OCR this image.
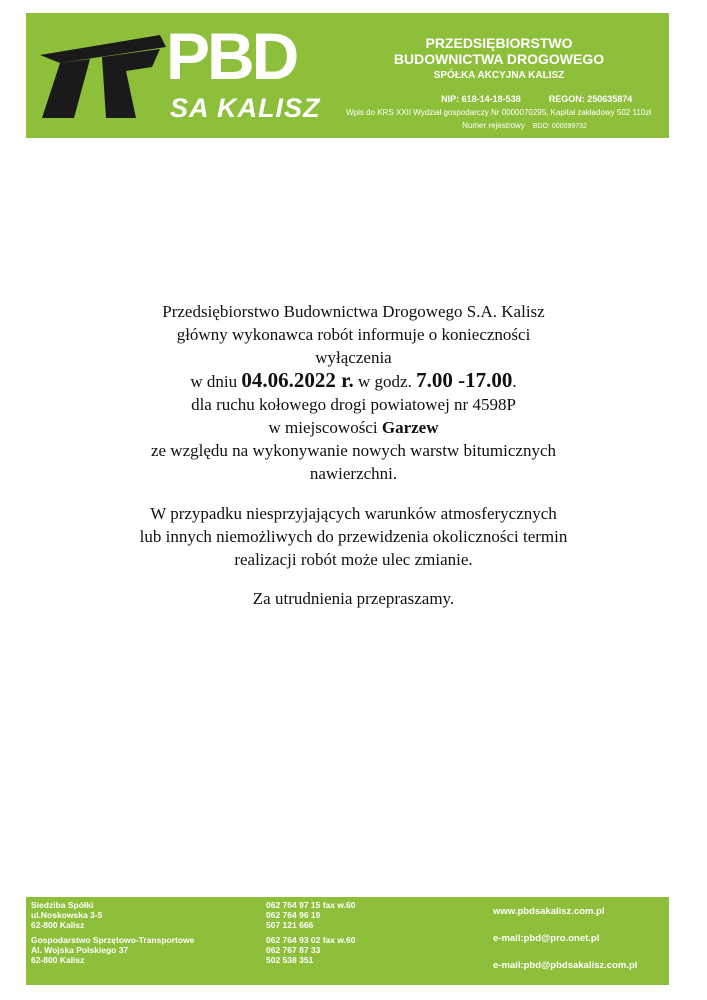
PBD
SA KALISZ
PRZEDSIĘBIORSTWO
BUDOWNICTWA DROGOWEGO
SPÓŁKA AKCYJNA KALISZ
NIP: 618-14-18-538	REGON: 250635874
Wpis do KRS XXII Wydział gospodarczy Nr 0000070295, Kapitał zakładowy 502 110zł
Numer rejestrowy BDO: 000099732
Przedsiębiorstwo Budownictwa Drogowego S.A. Kalisz
główny wykonawca robót informuje o konieczności
wyłączenia
w dniu 04.06.2022 r. w godz. 7.00 -17.00.
dla ruchu kołowego drogi powiatowej nr 4598P
w miejscowości Garzew
ze względu na wykonywanie nowych warstw bitumicznych
nawierzchni.
W przypadku niesprzyjających warunków atmosferycznych
lub innych niemożliwych do przewidzenia okoliczności termin
realizacji robót może ulec zmianie.
Za utrudnienia przepraszamy.
Siedziba Spółki
ul.Noskowska 3-5
62-800 Kalisz
Gospodarstwo Sprzętowo-Transportowe
Al. Wojska Polskiego 37
62-800 Kalisz
062 764 97 15 fax w.60
062 764 96 19
507 121 666
062 764 93 02 fax w.60
062 767 87 33
502 538 351
www.pbdsakalisz.com.pl
e-mail:pbd@pro.onet.pl
e-mail:pbd@pbdsakalisz.com.pl
